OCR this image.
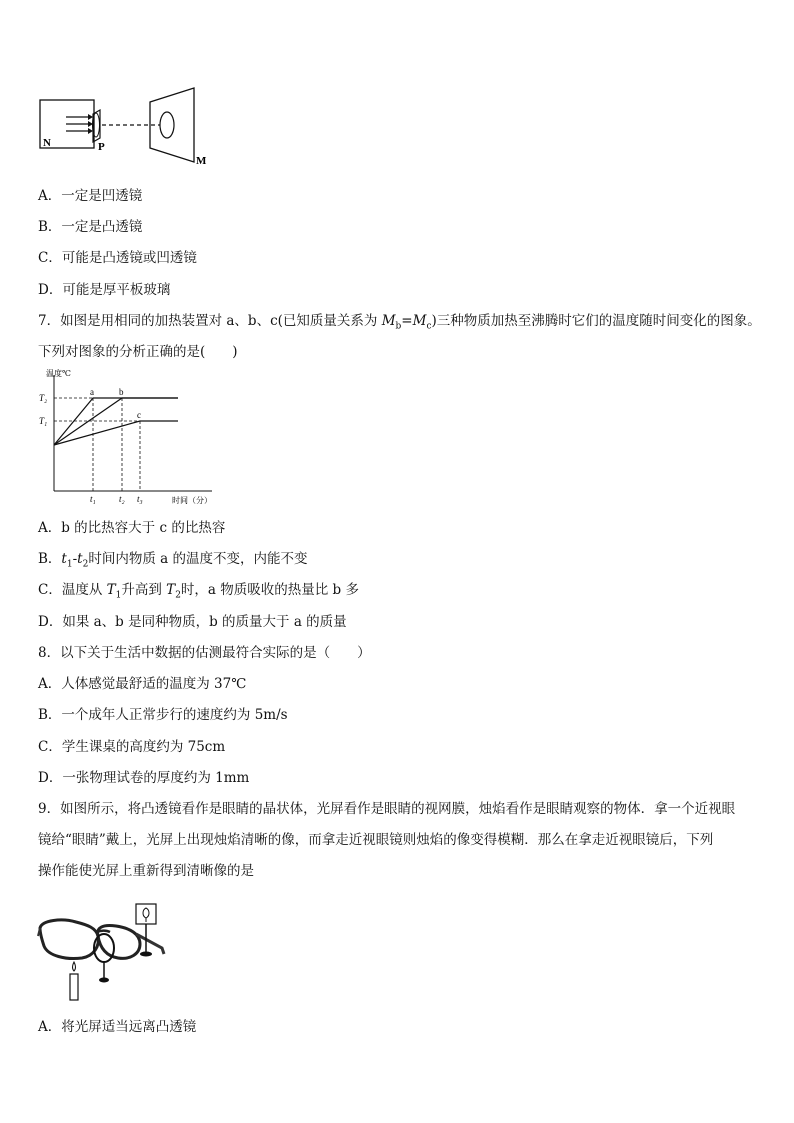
N	P
M
A．一定是凹透镜
B．一定是凸透镜
C．可能是凸透镜或凹透镜
D．可能是厚平板玻璃
7．如图是用相同的加热装置对 a、b、c(已知质量关系为 $M_b=M_c$)三种物质加热至沸腾时它们的温度随时间变化的图象。
下列对图象的分析正确的是(　　)
温度℃
时间（分）
a	b
c
T₂
T₁
t₁	t₂ t₃
A．b 的比热容大于 c 的比热容
B．$t_1-t_2$时间内物质 a 的温度不变，内能不变
C．温度从 $T_1$升高到 $T_2$时，a 物质吸收的热量比 b 多
D．如果 a、b 是同种物质，b 的质量大于 a 的质量
8．以下关于生活中数据的估测最符合实际的是（　　）
A．人体感觉最舒适的温度为 37℃
B．一个成年人正常步行的速度约为 5m/s
C．学生课桌的高度约为 75cm
D．一张物理试卷的厚度约为 1mm
9．如图所示，将凸透镜看作是眼睛的晶状体，光屏看作是眼睛的视网膜，烛焰看作是眼睛观察的物体．拿一个近视眼
镜给“眼睛”戴上，光屏上出现烛焰清晰的像，而拿走近视眼镜则烛焰的像变得模糊．那么在拿走近视眼镜后，下列
操作能使光屏上重新得到清晰像的是
A．将光屏适当远离凸透镜
